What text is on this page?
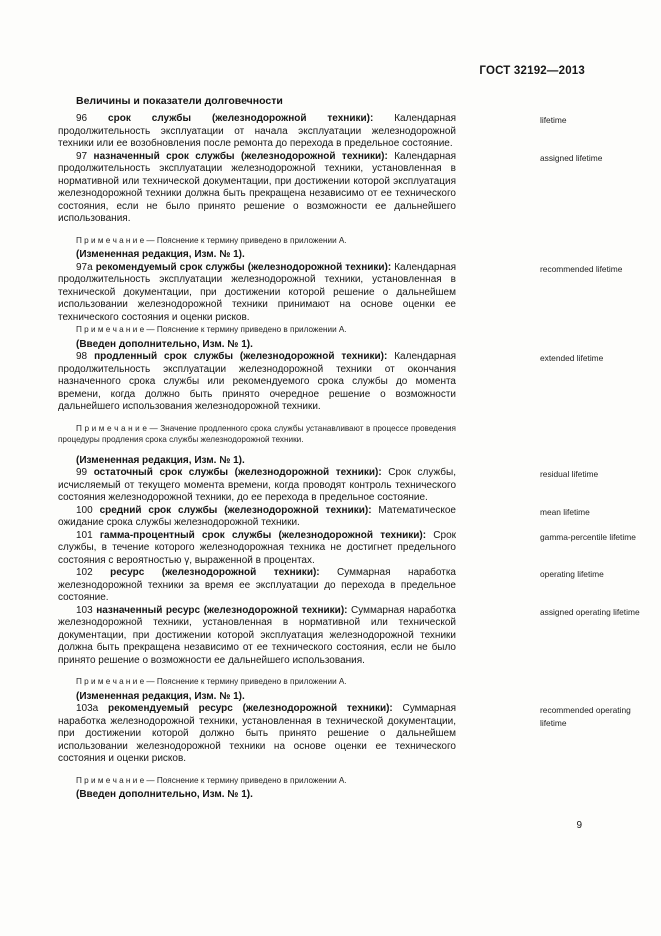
ГОСТ 32192—2013
Величины и показатели долговечности
96 срок службы (железнодорожной техники): Календарная продолжительность эксплуатации от начала эксплуатации железнодорожной техники или ее возобновления после ремонта до перехода в предельное состояние.
lifetime
97 назначенный срок службы (железнодорожной техники): Календарная продолжительность эксплуатации железнодорожной техники, установленная в нормативной или технической документации, при достижении которой эксплуатация железнодорожной техники должна быть прекращена независимо от ее технического состояния, если не было принято решение о возможности ее дальнейшего использования.
assigned lifetime
П р и м е ч а н и е — Пояснение к термину приведено в приложении А.
(Измененная редакция, Изм. № 1).
97а рекомендуемый срок службы (железнодорожной техники): Календарная продолжительность эксплуатации железнодорожной техники, установленная в технической документации, при достижении которой решение о дальнейшем использовании железнодорожной техники принимают на основе оценки ее технического состояния и оценки рисков.
recommended lifetime
П р и м е ч а н и е — Пояснение к термину приведено в приложении А.
(Введен дополнительно, Изм. № 1).
98 продленный срок службы (железнодорожной техники): Календарная продолжительность эксплуатации железнодорожной техники от окончания назначенного срока службы или рекомендуемого срока службы до момента времени, когда должно быть принято очередное решение о возможности дальнейшего использования железнодорожной техники.
extended lifetime
П р и м е ч а н и е — Значение продленного срока службы устанавливают в процессе проведения процедуры продления срока службы железнодорожной техники.
(Измененная редакция, Изм. № 1).
99 остаточный срок службы (железнодорожной техники): Срок службы, исчисляемый от текущего момента времени, когда проводят контроль технического состояния железнодорожной техники, до ее перехода в предельное состояние.
residual lifetime
100 средний срок службы (железнодорожной техники): Математическое ожидание срока службы железнодорожной техники.
mean lifetime
101 гамма-процентный срок службы (железнодорожной техники): Срок службы, в течение которого железнодорожная техника не достигнет предельного состояния с вероятностью γ, выраженной в процентах.
gamma-percentile lifetime
102 ресурс (железнодорожной техники): Суммарная наработка железнодорожной техники за время ее эксплуатации до перехода в предельное состояние.
operating lifetime
103 назначенный ресурс (железнодорожной техники): Суммарная наработка железнодорожной техники, установленная в нормативной или технической документации, при достижении которой эксплуатация железнодорожной техники должна быть прекращена независимо от ее технического состояния, если не было принято решение о возможности ее дальнейшего использования.
assigned operating lifetime
П р и м е ч а н и е — Пояснение к термину приведено в приложении А.
(Измененная редакция, Изм. № 1).
103а рекомендуемый ресурс (железнодорожной техники): Суммарная наработка железнодорожной техники, установленная в технической документации, при достижении которой должно быть принято решение о дальнейшем использовании железнодорожной техники на основе оценки ее технического состояния и оценки рисков.
recommended operating lifetime
П р и м е ч а н и е — Пояснение к термину приведено в приложении А.
(Введен дополнительно, Изм. № 1).
9
